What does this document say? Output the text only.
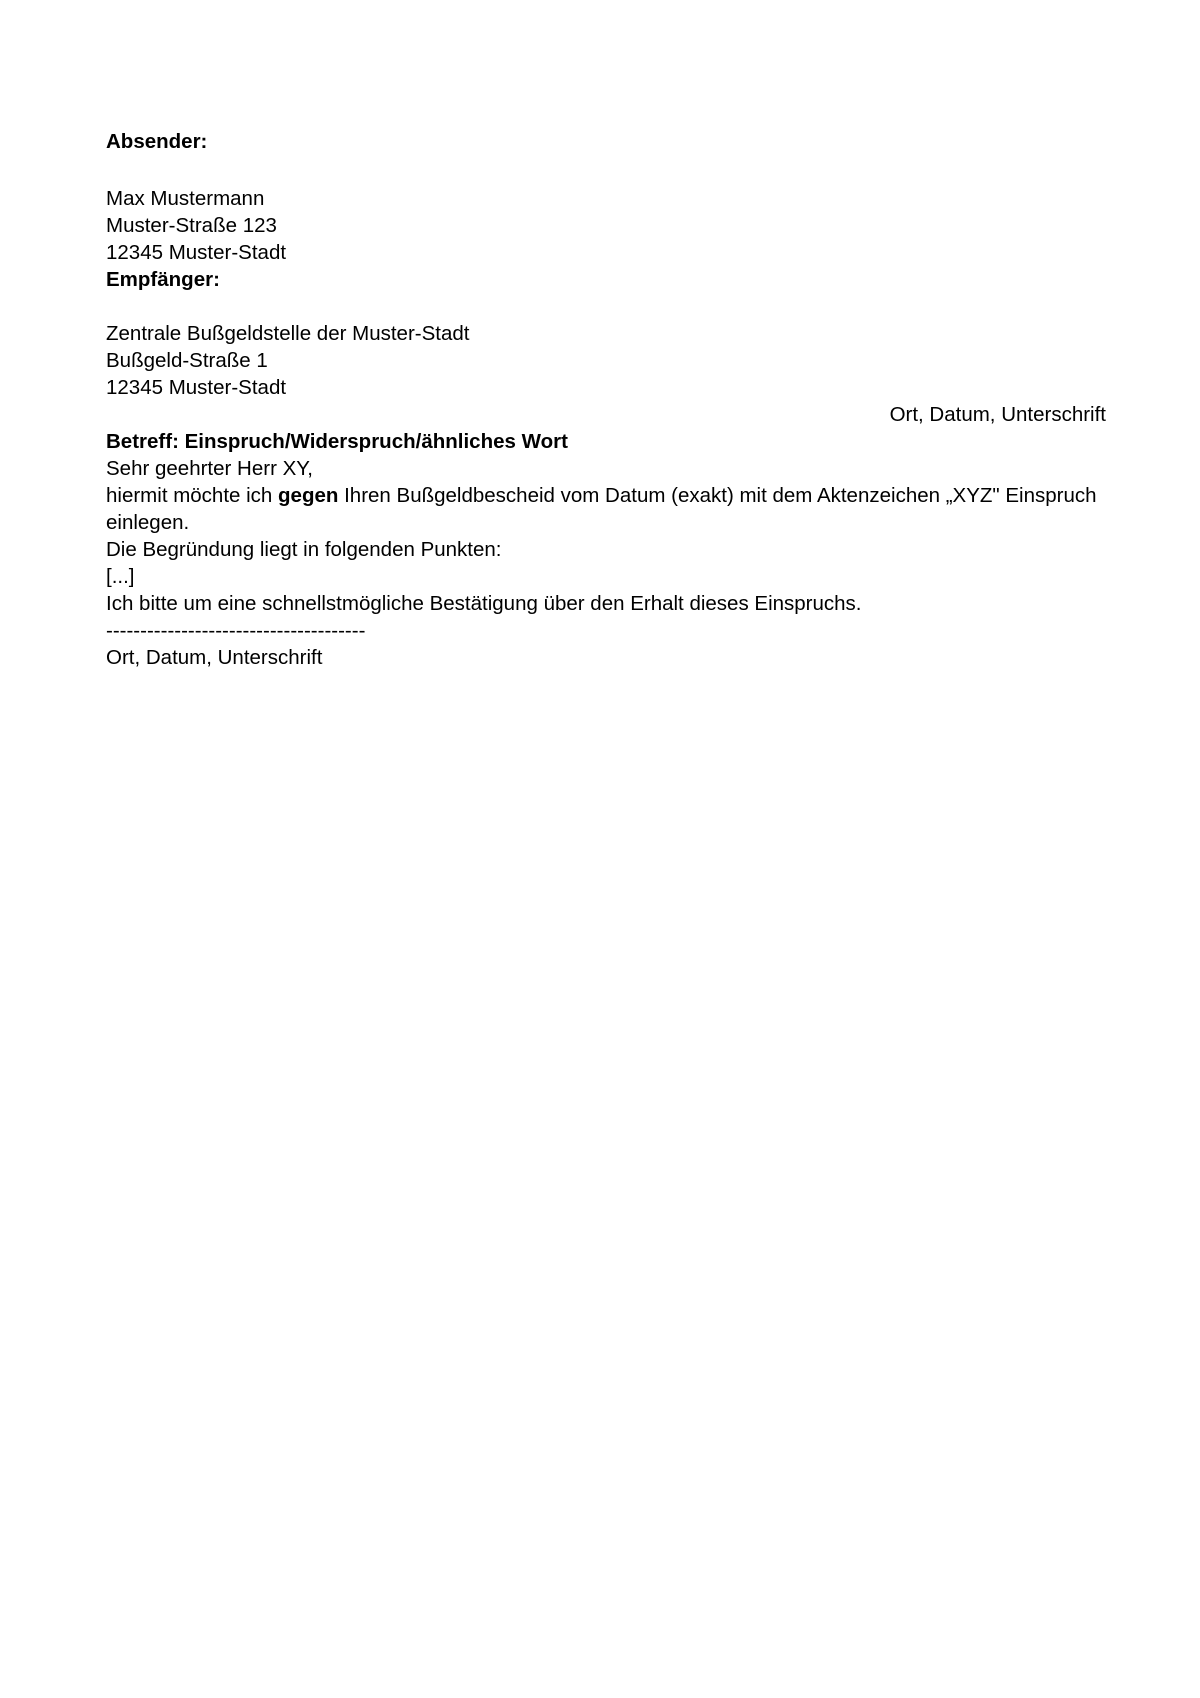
Absender:

Max Mustermann

Muster-Straße 123

12345 Muster-Stadt

Empfänger:

Zentrale Bußgeldstelle der Muster-Stadt

Bußgeld-Straße 1

12345 Muster-Stadt

Ort, Datum, Unterschrift

Betreff: Einspruch/Widerspruch/ähnliches Wort

Sehr geehrter Herr XY,

hiermit möchte ich gegen Ihren Bußgeldbescheid vom Datum (exakt) mit dem Aktenzeichen „XYZ" Einspruch einlegen.

Die Begründung liegt in folgenden Punkten:

[...]

Ich bitte um eine schnellstmögliche Bestätigung über den Erhalt dieses Einspruchs.

--------------------------------------

Ort, Datum, Unterschrift
